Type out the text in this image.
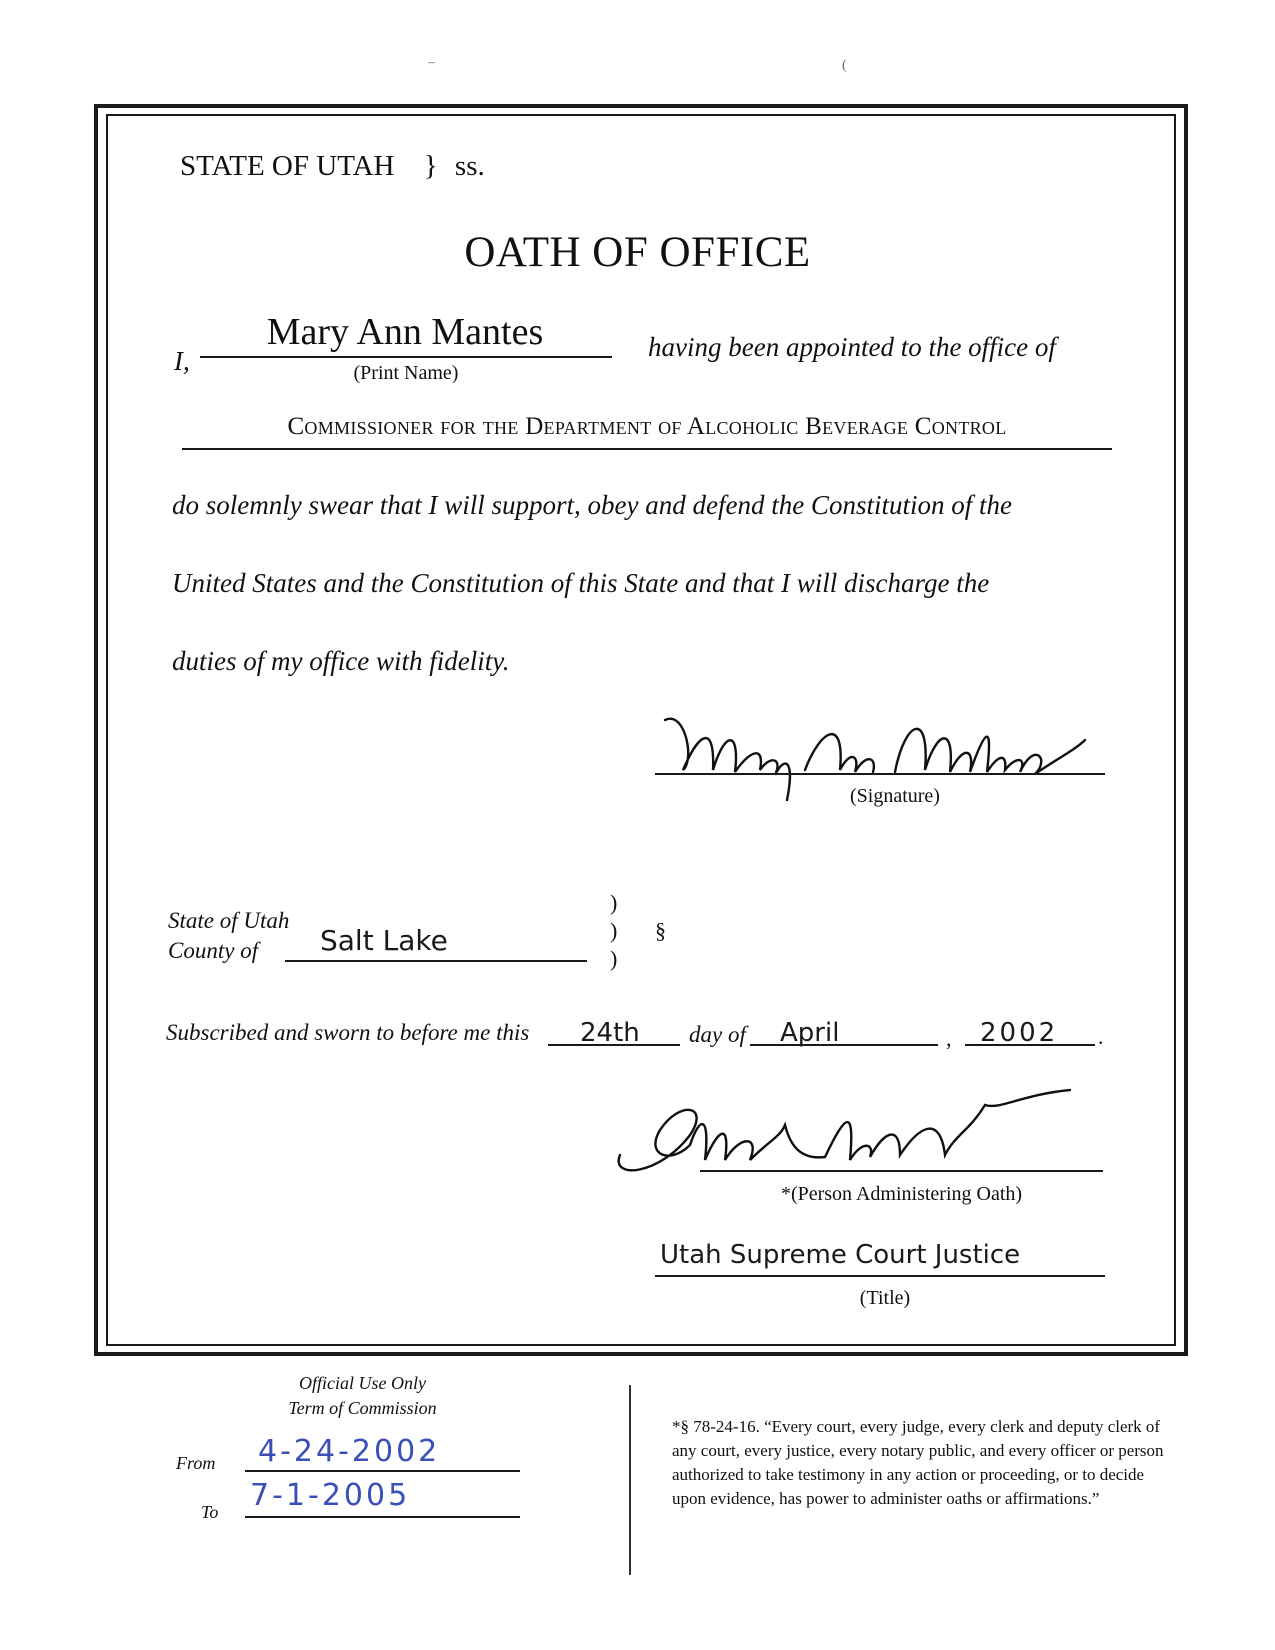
–	(
STATE OF UTAH } ss.
OATH OF OFFICE
I,
Mary Ann Mantes
(Print Name)
having been appointed to the office of
Commissioner for the Department of Alcoholic Beverage Control
do solemnly swear that I will support, obey and defend the Constitution of the
United States and the Constitution of this State and that I will discharge the
duties of my office with fidelity.
(Signature)
State of Utah
County of Salt Lake
)
)
)
§
Subscribed and sworn to before me this 24th day of April	, 2002 .
*(Person Administering Oath)
Utah Supreme Court Justice
(Title)
Official Use Only
Term of Commission
From 4-24-2002
To 7-1-2005
*§ 78-24-16. “Every court, every judge, every clerk and deputy clerk of any court, every justice, every notary public, and every officer or person authorized to take testimony in any action or proceeding, or to decide upon evidence, has power to administer oaths or affirmations.”
